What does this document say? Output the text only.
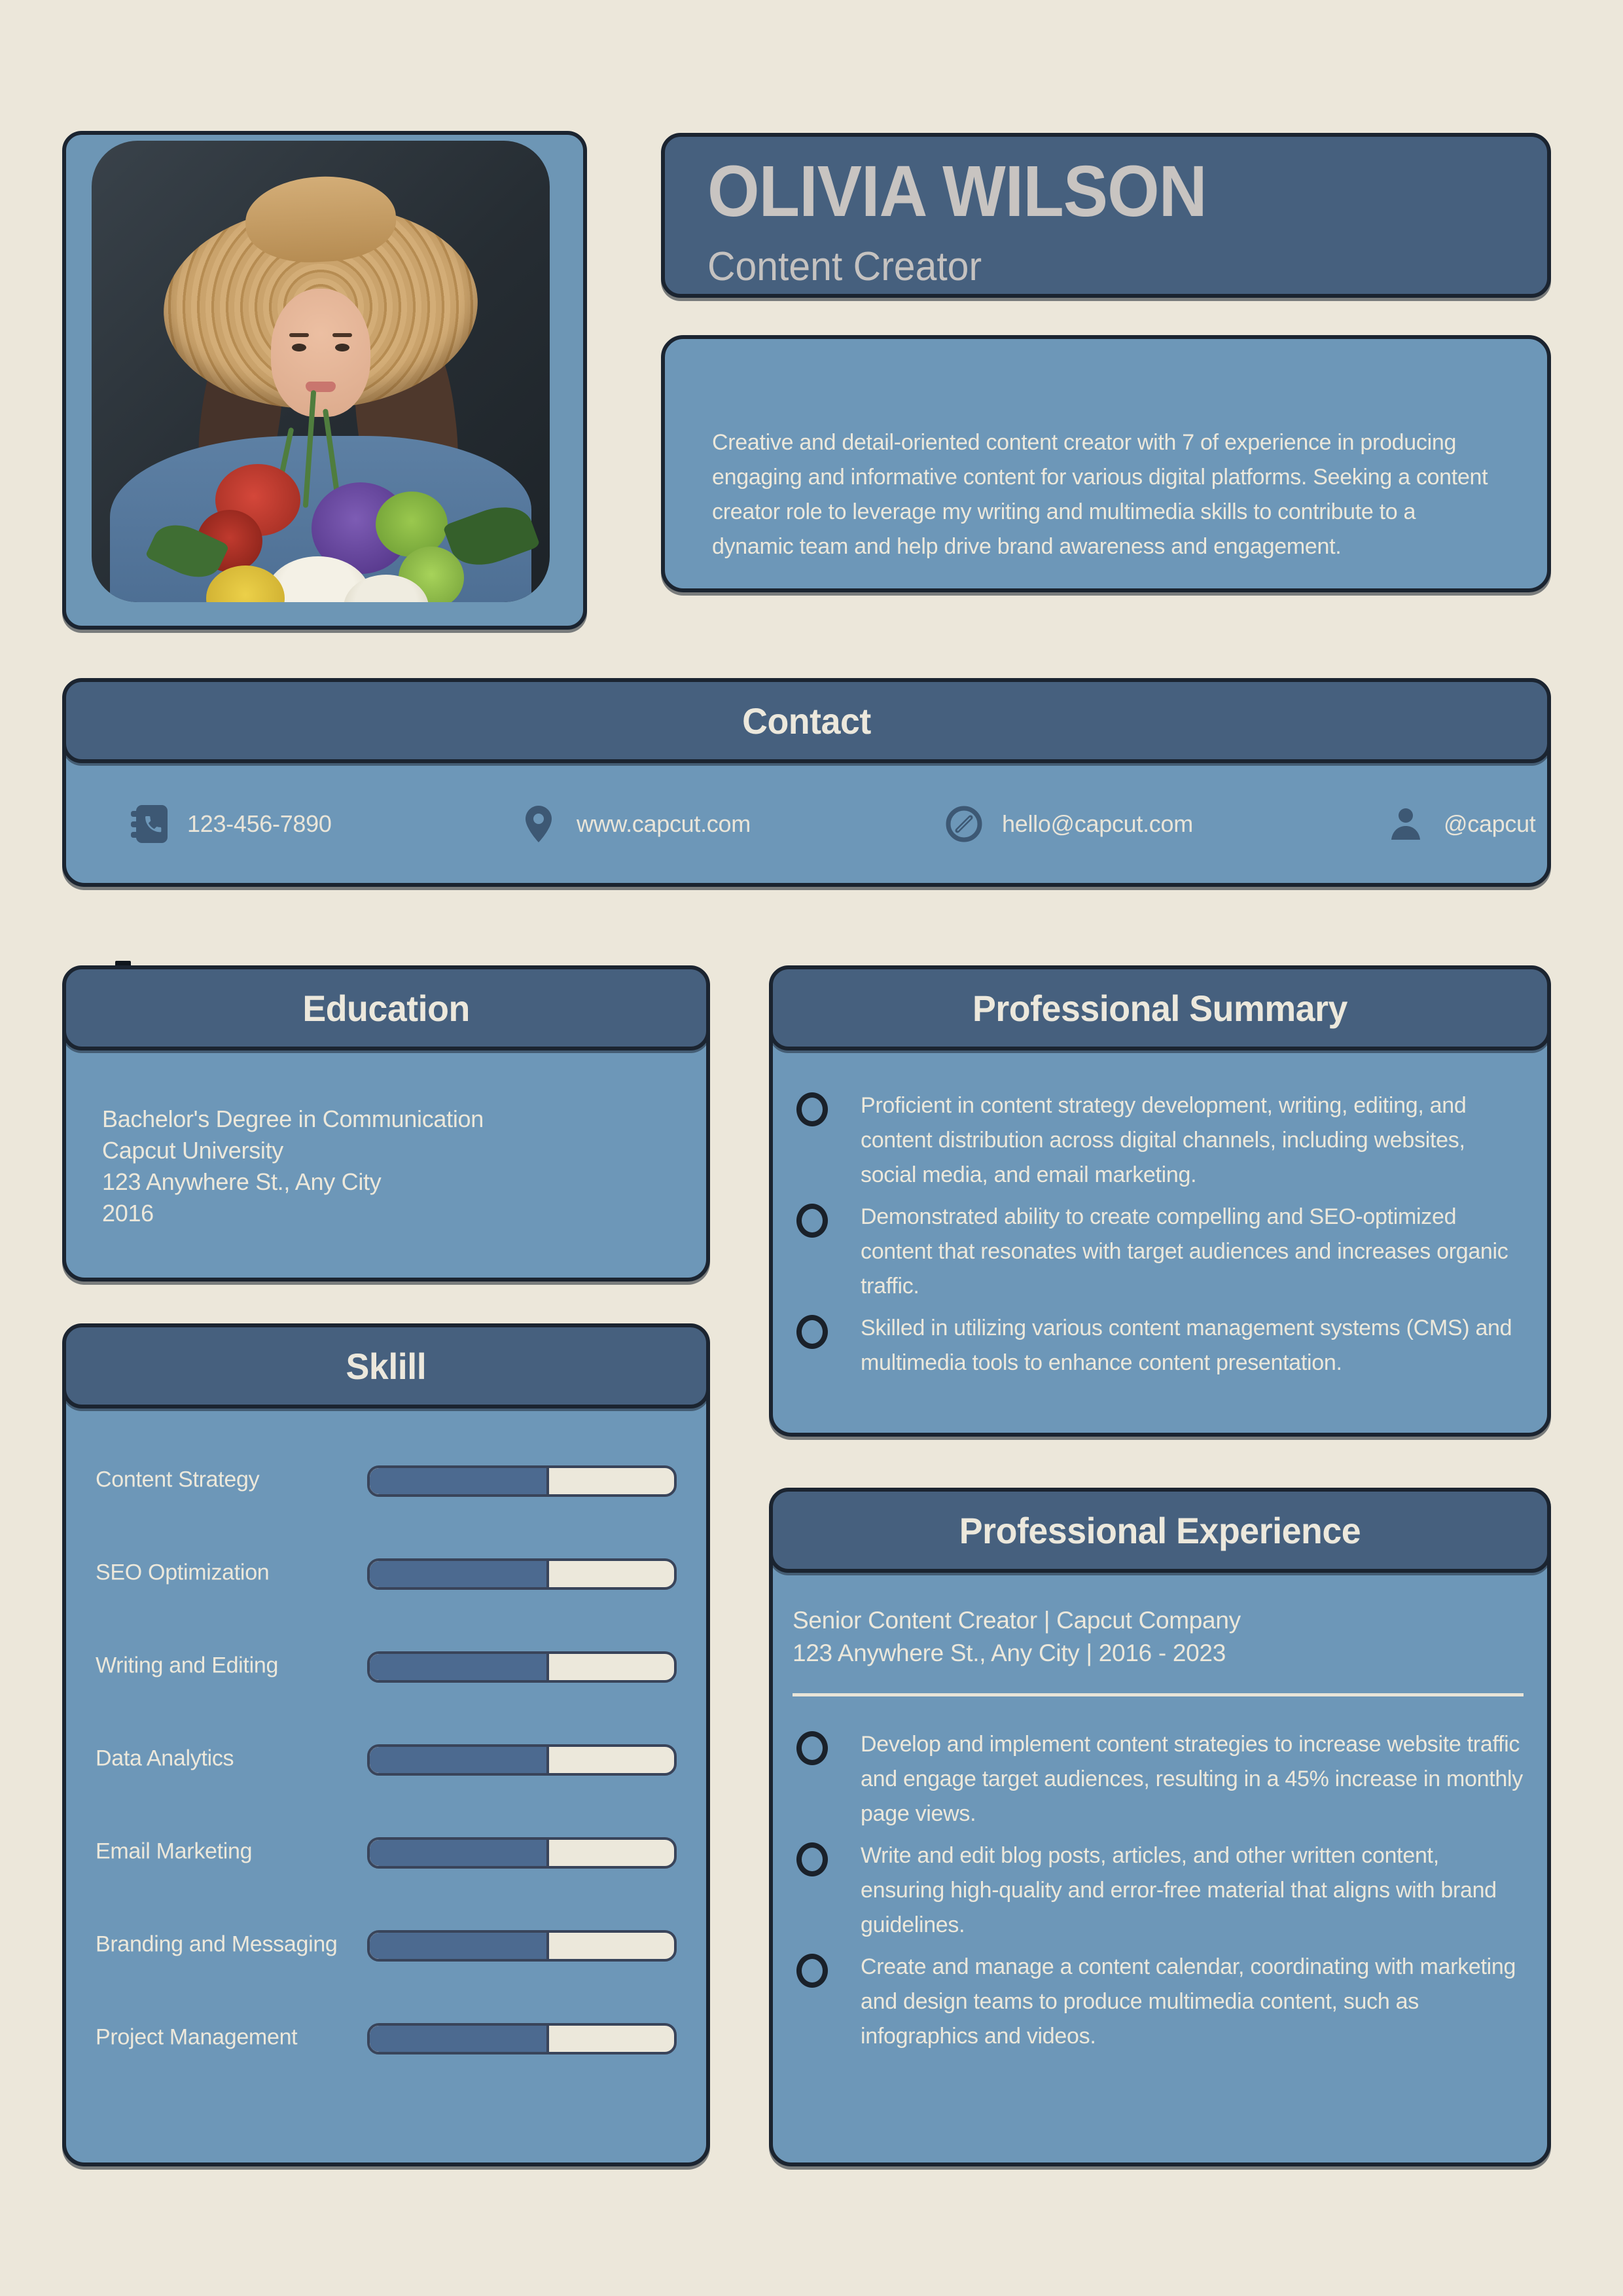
OLIVIA WILSON
Content Creator
Creative and detail-oriented content creator with 7 of experience in producing engaging and informative content for various digital platforms. Seeking a content creator role to leverage my writing and multimedia skills to contribute to a dynamic team and help drive brand awareness and engagement.
Contact
123-456-7890	www.capcut.com	hello@capcut.com	@capcut
Education
Bachelor's Degree in Communication
Capcut University
123 Anywhere St., Any City
2016
Sklill
Content Strategy
SEO Optimization
Writing and Editing
Data Analytics
Email Marketing
Branding and Messaging
Project Management
Professional Summary
Proficient in content strategy development, writing, editing, and content distribution across digital channels, including websites, social media, and email marketing.
Demonstrated ability to create compelling and SEO-optimized content that resonates with target audiences and increases organic traffic.
Skilled in utilizing various content management systems (CMS) and multimedia tools to enhance content presentation.
Professional Experience
Senior Content Creator | Capcut Company
123 Anywhere St., Any City | 2016 - 2023
Develop and implement content strategies to increase website traffic and engage target audiences, resulting in a 45% increase in monthly page views.
Write and edit blog posts, articles, and other written content, ensuring high-quality and error-free material that aligns with brand guidelines.
Create and manage a content calendar, coordinating with marketing and design teams to produce multimedia content, such as infographics and videos.
